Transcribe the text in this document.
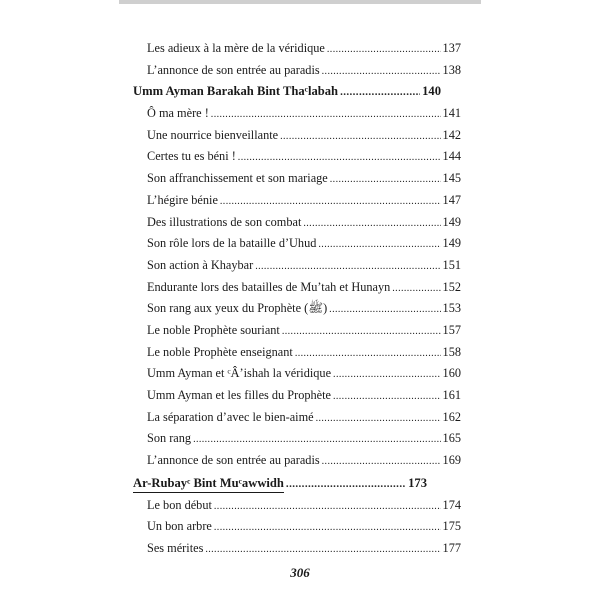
Les adieux à la mère de la véridique .....	137
L’annonce de son entrée au paradis .....	138
Umm Ayman Barakah Bint Thaᶜlabah .....	140
Ô ma mère ! .....	141
Une nourrice bienveillante .....	142
Certes tu es béni ! .....	144
Son affranchissement et son mariage .....	145
L’hégire bénie .....	147
Des illustrations de son combat .....	149
Son rôle lors de la bataille d’Uhud .....	149
Son action à Khaybar .....	151
Endurante lors des batailles de Mu’tah et Hunayn .....	152
Son rang aux yeux du Prophète (ﷺ) .....	153
Le noble Prophète souriant .....	157
Le noble Prophète enseignant .....	158
Umm Ayman et ᶜÂ’ishah la véridique .....	160
Umm Ayman et les filles du Prophète .....	161
La séparation d’avec le bien-aimé .....	162
Son rang .....	165
L’annonce de son entrée au paradis .....	169
Ar-Rubayᶜ Bint Muᶜawwidh .....	173
Le bon début .....	174
Un bon arbre .....	175
Ses mérites .....	177
306
